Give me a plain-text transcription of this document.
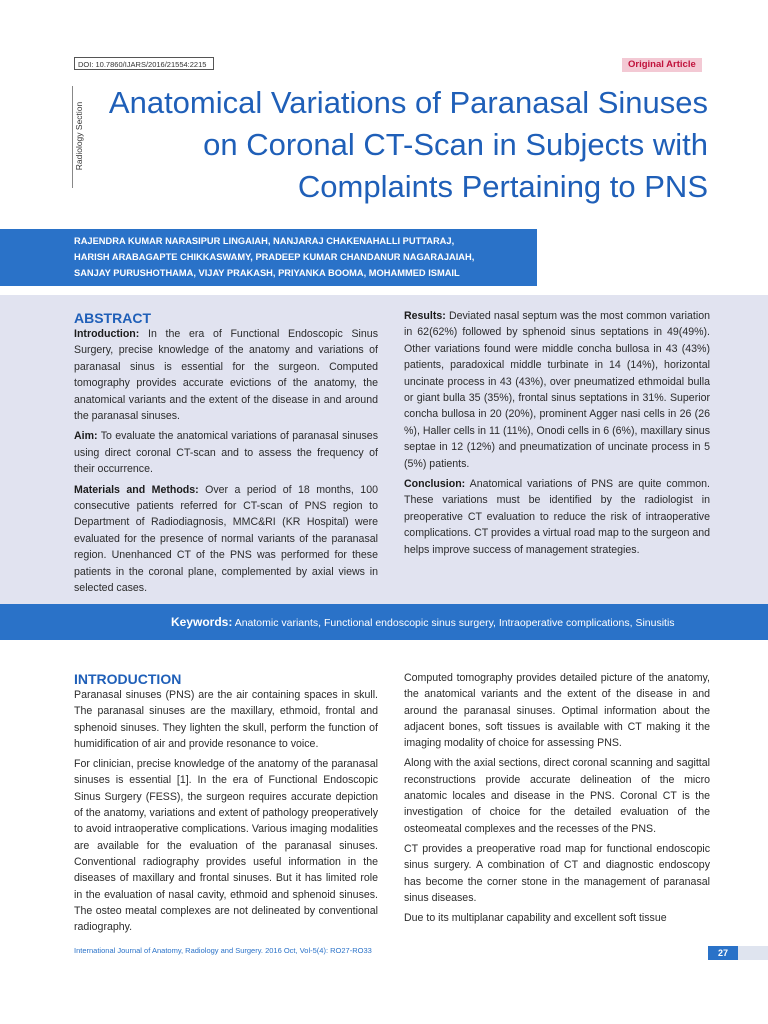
DOI: 10.7860/IJARS/2016/21554:2215	Original Article
Radiology Section Anatomical Variations of Paranasal Sinuses on Coronal CT-Scan in Subjects with Complaints Pertaining to PNS
RAJENDRA KUMAR NARASIPUR LINGAIAH, NANJARAJ CHAKENAHALLI PUTTARAJ,
HARISH ARABAGAPTE CHIKKASWAMY, PRADEEP KUMAR CHANDANUR NAGARAJAIAH,
SANJAY PURUSHOTHAMA, VIJAY PRAKASH, PRIYANKA BOOMA, MOHAMMED ISMAIL

ABSTRACT

Introduction: In the era of Functional Endoscopic Sinus Surgery, precise knowledge of the anatomy and variations of paranasal sinus is essential for the surgeon. Computed tomography provides accurate evictions of the anatomy, the anatomical variants and the extent of the disease in and around the paranasal sinuses.

Aim: To evaluate the anatomical variations of paranasal sinuses using direct coronal CT-scan and to assess the frequency of their occurrence.

Materials and Methods: Over a period of 18 months, 100 consecutive patients referred for CT-scan of PNS region to Department of Radiodiagnosis, MMC&RI (KR Hospital) were evaluated for the presence of normal variants of the paranasal region. Unenhanced CT of the PNS was performed for these patients in the coronal plane, complemented by axial views in selected cases.

Results: Deviated nasal septum was the most common variation in 62(62%) followed by sphenoid sinus septations in 49(49%). Other variations found were middle concha bullosa in 43 (43%) patients, paradoxical middle turbinate in 14 (14%), horizontal uncinate process in 43 (43%), over pneumatized ethmoidal bulla or giant bulla 35 (35%), frontal sinus septations in 31%. Superior concha bullosa in 20 (20%), prominent Agger nasi cells in 26 (26 %), Haller cells in 11 (11%), Onodi cells in 6 (6%), maxillary sinus septae in 12 (12%) and pneumatization of uncinate process in 5 (5%) patients.

Conclusion: Anatomical variations of PNS are quite common. These variations must be identified by the radiologist in preoperative CT evaluation to reduce the risk of intraoperative complications. CT provides a virtual road map to the surgeon and helps improve success of management strategies.

Keywords: Anatomic variants, Functional endoscopic sinus surgery, Intraoperative complications, Sinusitis

INTRODUCTION

Paranasal sinuses (PNS) are the air containing spaces in skull. The paranasal sinuses are the maxillary, ethmoid, frontal and sphenoid sinuses. They lighten the skull, perform the function of humidification of air and provide resonance to voice.

For clinician, precise knowledge of the anatomy of the paranasal sinuses is essential [1]. In the era of Functional Endoscopic Sinus Surgery (FESS), the surgeon requires accurate depiction of the anatomy, variations and extent of pathology preoperatively to avoid intraoperative complications. Various imaging modalities are available for the evaluation of the paranasal sinuses. Conventional radiography provides useful information in the diseases of maxillary and frontal sinuses. But it has limited role in the evaluation of nasal cavity, ethmoid and sphenoid sinuses. The osteo meatal complexes are not delineated by conventional radiography.

Computed tomography provides detailed picture of the anatomy, the anatomical variants and the extent of the disease in and around the paranasal sinuses. Optimal information about the adjacent bones, soft tissues is available with CT making it the imaging modality of choice for assessing PNS.

Along with the axial sections, direct coronal scanning and sagittal reconstructions provide accurate delineation of the micro anatomic locales and disease in the PNS. Coronal CT is the investigation of choice for the detailed evaluation of the osteomeatal complexes and the recesses of the PNS.

CT provides a preoperative road map for functional endoscopic sinus surgery. A combination of CT and diagnostic endoscopy has become the corner stone in the management of paranasal sinus diseases.

Due to its multiplanar capability and excellent soft tissue

International Journal of Anatomy, Radiology and Surgery. 2016 Oct, Vol-5(4): RO27-RO33	27
